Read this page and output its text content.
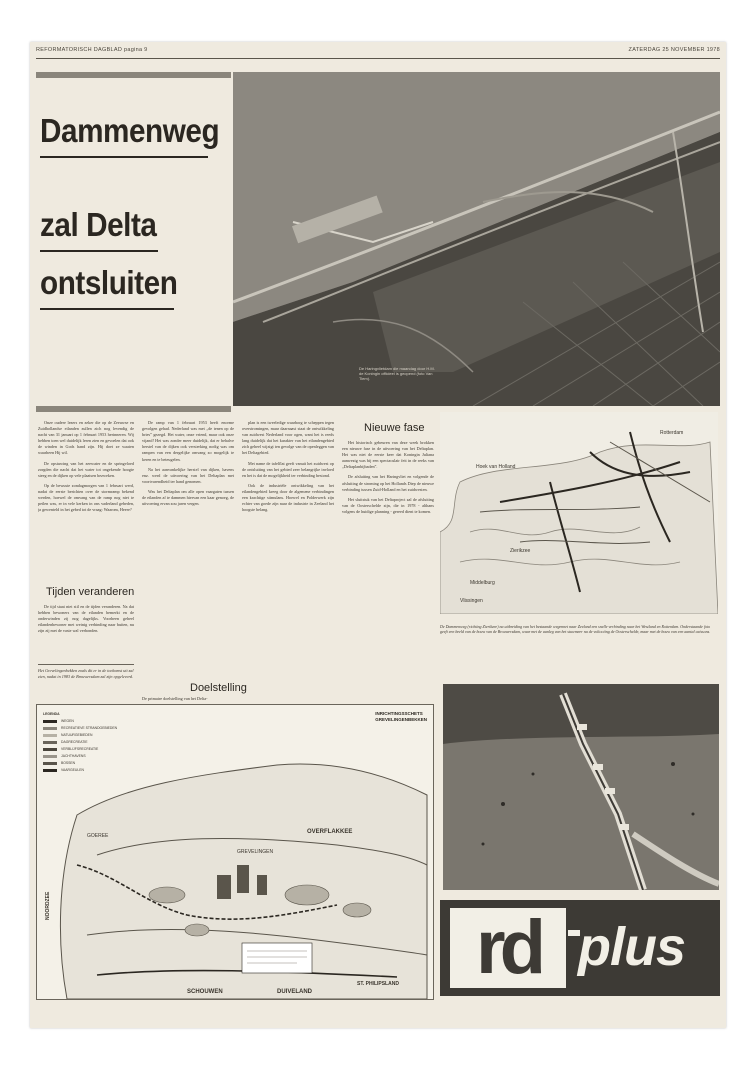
REFORMATORISCH DAGBLAD pagina 9	ZATERDAG 25 NOVEMBER 1978
Dammenweg
zal Delta
ontsluiten
De Haringvlietdam die maandag door H.M. de Koningin officieel is geopend (foto Van Tiem).

Onze oudere lezers en zeker die op de Zeeuwse en Zuidhollandse eilanden zullen zich nog levendig de nacht van 31 januari op 1 februari 1953 herinneren. Wij hebben toen wel duidelijk leren zien en gevoelen dat ook de winden in Gods hand zijn. Hij doet ze waaien waarheen Hij wil.

De opstuwing van het zeewater en de springvloed zorgden die nacht dat het water tot ongekende hoogte steeg en de dijken op vele plaatsen bezweken.

Op de bewuste zondagmorgen van 1 februari werd, nadat de eerste berichten over de stormramp bekend werden, hoewel de omvang van de ramp nog niet te peilen was, er in vele kerken in ons vaderland gebeden, ja gewenteld in het gebed tot de vraag: Waarom, Heere?

Tijden veranderen

De tijd staat niet stil en de tijden veranderen. Na dat hebben bewoners van de eilanden bemerkt en de onderwinden zij nog dagelijks. Voorheen geheel eilandenbewoner met weinig verbinding naar buiten, nu zijn zij met de vaste wal verbonden.

Het Grevelingenbekken zoals dit er in de toekomst uit zal zien, nadat in 1983 de Brouwersdam zal zijn opgeleverd.

De ramp van 1 februari 1953 heeft enorme gevolgen gehad. Nederland was met „de tenen op de bries” gezegd. Het water, onze vriend, maar ook onze vijand! Het was zonder meer duidelijk, dat er behalve herstel van de dijken ook versterking nodig was om rampen van een dergelijke omvang zo mogelijk te keren en te beteugelen.

Na het aanvankelijke herstel van dijken, havens enz. werd de uitvoering van het Deltaplan met voortvarendheid ter hand genomen.

Was het Deltaplan om alle open vaargaten tussen de eilanden af te dammen hiervan een kaar genoeg, de uitvoering ervan zou jaren vergen.

Doelstelling

De primaire doelstelling van het Delta-

plan is een tweeledige waarborg te scheppen tegen overstromingen, maar daarnaast staat de ontwikkeling van zuidwest Nederland voor ogen, want het is reeds lang duidelijk dat het karakter van het eilandengebied zich geheel wijzigt ten gevolge van de openleggen van het Deltagebied.

Met name de tafelflat geeft vanuit het zuidwest op de ontsluiting van het gebied zeer belangrijke invloed en het is dat de mogelijkheid ter verbinding bestond.

Ook de industriële ontwikkeling van het eilandengebied kreeg door de algemene verbindingen een krachtige stimulans. Hoewel en Polderwerk zijn echter van goede zijn naar de industrie in Zeeland het hoogste belang.

Nieuwe fase

Het historisch gebeuren van deze week brokken een nieuwe fase in de uitvoering van het Deltaplan. Het was niet de eerste keer dat Koningin Juliana aanwezig was bij een spectaculair feit in de reeks van „Deltaplanbijbaden”.

De afsluiting van het Haringvliet en volgende de afsluiting de stroming op het Hollands Diep de nieuwe verbinding tussen Zuid-Holland en het zuidwesten.

Het sluitstuk van het Deltaproject zal de afsluiting van de Oosterschelde zijn, die in 1978 - althans volgens de huidige planning - gereed dient te komen.

Hoek van Holland
Rotterdam
Zierikzee
Middelburg
Vlissingen
De Dammenweg (richting Zierikzee) na uitbreiding van het bestaande wegennet naar Zeeland een snelle verbinding naar het Westland en Rotterdam. Onderstaande foto geeft een beeld van de bouw van de Brouwersdam, waar met de aanleg van het stuwmeer na de voltooiing de Oosterschelde, maar met de bouw van een aantal caissons.
OVERFLAKKEE
SCHOUWEN	DUIVELAND
ST. PHILIPSLAND
NOORDZEE
GOEREE
GREVELINGEN
LEGENDA
WEGEN
RECREATIEVE STRANDGEBIEDEN
NATUURGEBIEDEN
DAGRECREATIE
VERBLIJFSRECREATIE
JACHTHAVENS
BOSSEN
VAARGEULEN
INRICHTINGSSCHETS
GREVELINGENBEKKEN
rd plus
